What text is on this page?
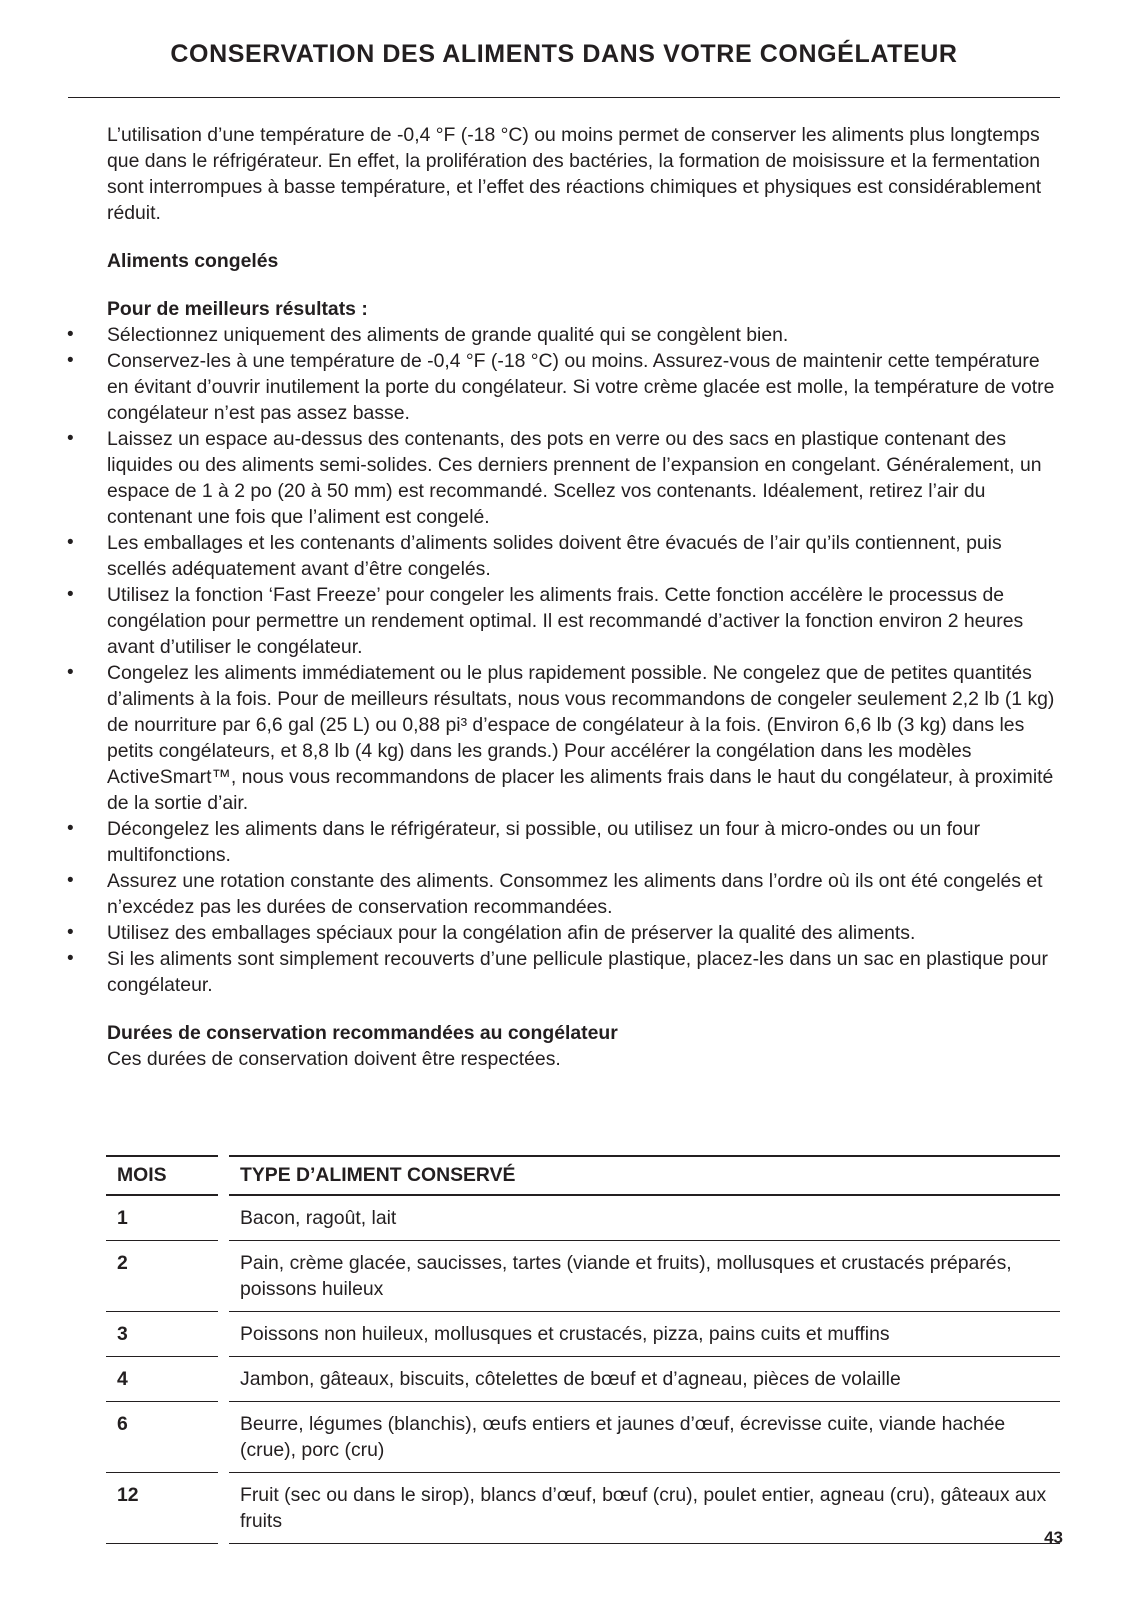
CONSERVATION DES ALIMENTS DANS VOTRE CONGÉLATEUR

L’utilisation d’une température de -0,4 °F (-18 °C) ou moins permet de conserver les aliments plus longtemps que dans le réfrigérateur. En effet, la prolifération des bactéries, la formation de moisissure et la fermentation sont interrompues à basse température, et l’effet des réactions chimiques et physiques est considérablement réduit.

Aliments congelés

Pour de meilleurs résultats :

• Sélectionnez uniquement des aliments de grande qualité qui se congèlent bien.
• Conservez-les à une température de -0,4 °F (-18 °C) ou moins. Assurez-vous de maintenir cette température en évitant d’ouvrir inutilement la porte du congélateur. Si votre crème glacée est molle, la température de votre congélateur n’est pas assez basse.
• Laissez un espace au-dessus des contenants, des pots en verre ou des sacs en plastique contenant des liquides ou des aliments semi-solides. Ces derniers prennent de l’expansion en congelant. Généralement, un espace de 1 à 2 po (20 à 50 mm) est recommandé. Scellez vos contenants. Idéalement, retirez l’air du contenant une fois que l’aliment est congelé.
• Les emballages et les contenants d’aliments solides doivent être évacués de l’air qu’ils contiennent, puis scellés adéquatement avant d’être congelés.
• Utilisez la fonction ‘Fast Freeze’ pour congeler les aliments frais. Cette fonction accélère le processus de congélation pour permettre un rendement optimal. Il est recommandé d’activer la fonction environ 2 heures avant d’utiliser le congélateur.
• Congelez les aliments immédiatement ou le plus rapidement possible. Ne congelez que de petites quantités d’aliments à la fois. Pour de meilleurs résultats, nous vous recommandons de congeler seulement 2,2 lb (1 kg) de nourriture par 6,6 gal (25 L) ou 0,88 pi³ d’espace de congélateur à la fois. (Environ 6,6 lb (3 kg) dans les petits congélateurs, et 8,8 lb (4 kg) dans les grands.) Pour accélérer la congélation dans les modèles ActiveSmart™, nous vous recommandons de placer les aliments frais dans le haut du congélateur, à proximité de la sortie d’air.
• Décongelez les aliments dans le réfrigérateur, si possible, ou utilisez un four à micro-ondes ou un four multifonctions.
• Assurez une rotation constante des aliments. Consommez les aliments dans l’ordre où ils ont été congelés et n’excédez pas les durées de conservation recommandées.
• Utilisez des emballages spéciaux pour la congélation afin de préserver la qualité des aliments.
• Si les aliments sont simplement recouverts d’une pellicule plastique, placez-les dans un sac en plastique pour congélateur.

Durées de conservation recommandées au congélateur

Ces durées de conservation doivent être respectées.

MOIS		TYPE D’ALIMENT CONSERVÉ
1		Bacon, ragoût, lait
2		Pain, crème glacée, saucisses, tartes (viande et fruits), mollusques et crustacés préparés, poissons huileux
3		Poissons non huileux, mollusques et crustacés, pizza, pains cuits et muffins
4		Jambon, gâteaux, biscuits, côtelettes de bœuf et d’agneau, pièces de volaille
6		Beurre, légumes (blanchis), œufs entiers et jaunes d’œuf, écrevisse cuite, viande hachée (crue), porc (cru)
12		Fruit (sec ou dans le sirop), blancs d’œuf, bœuf (cru), poulet entier, agneau (cru), gâteaux aux fruits
43
